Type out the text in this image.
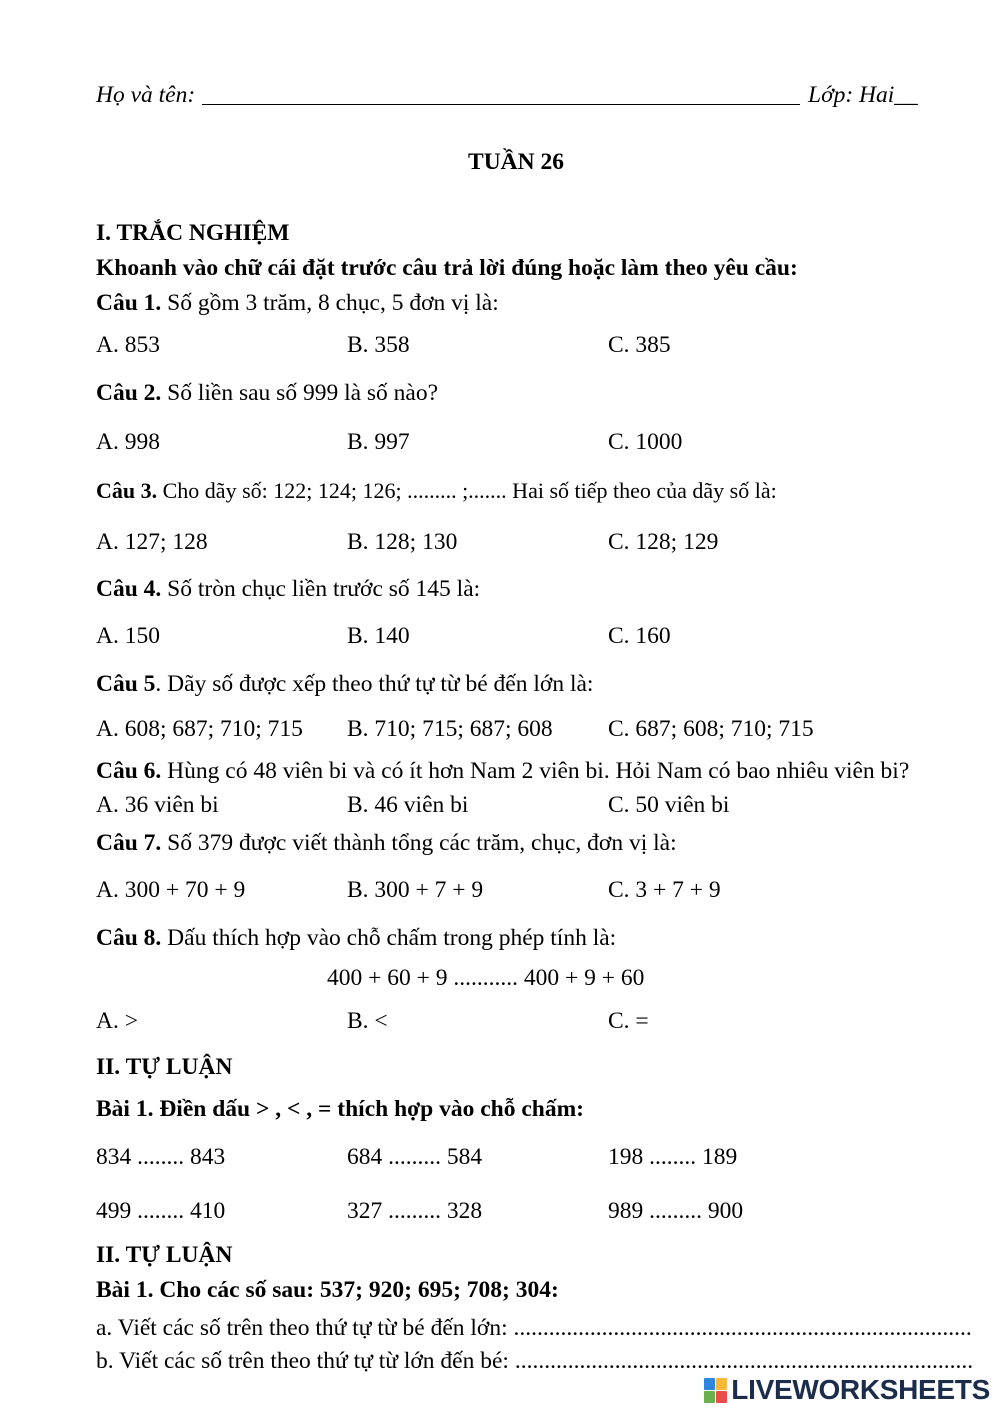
Họ và tên:	Lớp: Hai__
TUẦN 26
I. TRẮC NGHIỆM
Khoanh vào chữ cái đặt trước câu trả lời đúng hoặc làm theo yêu cầu:
Câu 1. Số gồm 3 trăm, 8 chục, 5 đơn vị là:
A. 853	B. 358	C. 385
Câu 2. Số liền sau số 999 là số nào?
A. 998	B. 997	C. 1000
Câu 3. Cho dãy số: 122; 124; 126; ......... ;....... Hai số tiếp theo của dãy số là:
A. 127; 128	B. 128; 130	C. 128; 129
Câu 4. Số tròn chục liền trước số 145 là:
A. 150	B. 140	C. 160
Câu 5. Dãy số được xếp theo thứ tự từ bé đến lớn là:
A. 608; 687; 710; 715 B. 710; 715; 687; 608 C. 687; 608; 710; 715
Câu 6. Hùng có 48 viên bi và có ít hơn Nam 2 viên bi. Hỏi Nam có bao nhiêu viên bi?
A. 36 viên bi	B. 46 viên bi	C. 50 viên bi
Câu 7. Số 379 được viết thành tổng các trăm, chục, đơn vị là:
A. 300 + 70 + 9	B. 300 + 7 + 9	C. 3 + 7 + 9
Câu 8. Dấu thích hợp vào chỗ chấm trong phép tính là:
400 + 60 + 9 ........... 400 + 9 + 60
A. >	B. <	C. =
II. TỰ LUẬN
Bài 1. Điền dấu > , < , = thích hợp vào chỗ chấm:
834 ........ 843	684 ......... 584	198 ........ 189
499 ........ 410	327 ......... 328	989 ......... 900
II. TỰ LUẬN
Bài 1. Cho các số sau: 537; 920; 695; 708; 304:
a. Viết các số trên theo thứ tự từ bé đến lớn: ..............................................................................
b. Viết các số trên theo thứ tự từ lớn đến bé: ..............................................................................
LIVEWORKSHEETS
